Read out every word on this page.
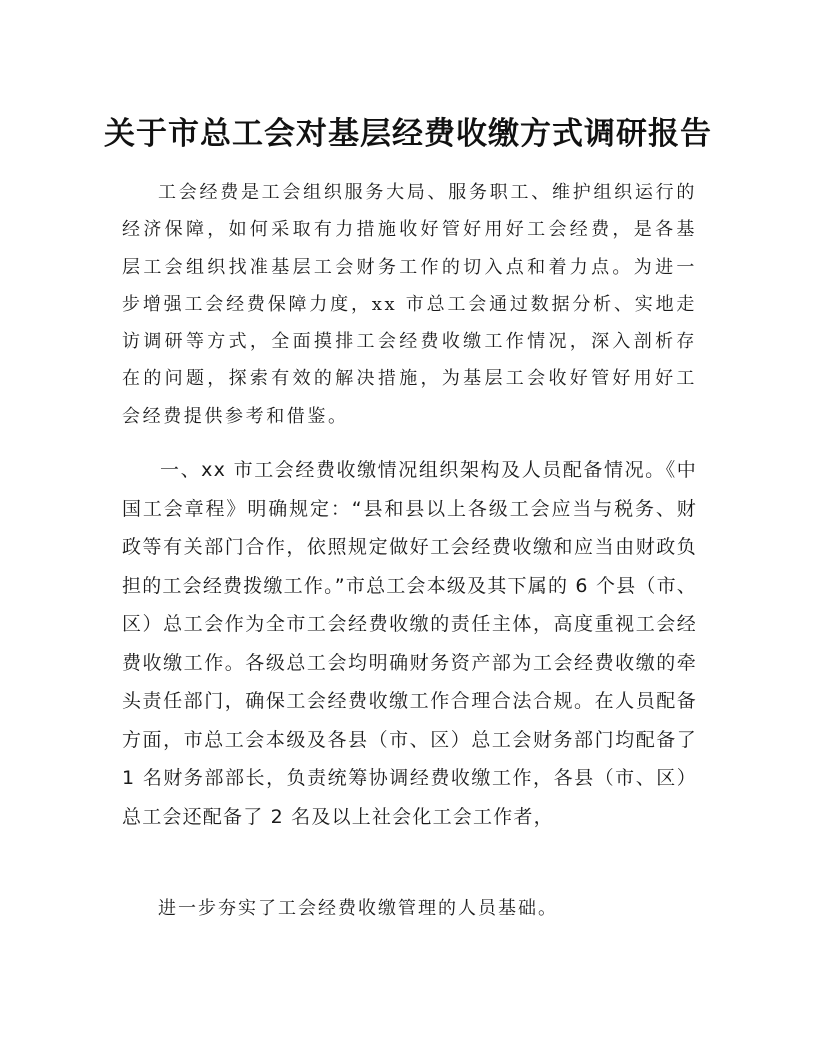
关于市总工会对基层经费收缴方式调研报告

工会经费是工会组织服务大局、服务职工、维护组织运行的经济保障，如何采取有力措施收好管好用好工会经费，是各基层工会组织找准基层工会财务工作的切入点和着力点。为进一步增强工会经费保障力度，xx 市总工会通过数据分析、实地走访调研等方式，全面摸排工会经费收缴工作情况，深入剖析存在的问题，探索有效的解决措施，为基层工会收好管好用好工会经费提供参考和借鉴。

一、xx 市工会经费收缴情况组织架构及人员配备情况。《中国工会章程》明确规定：“县和县以上各级工会应当与税务、财政等有关部门合作，依照规定做好工会经费收缴和应当由财政负担的工会经费拨缴工作。”市总工会本级及其下属的 6 个县（市、区）总工会作为全市工会经费收缴的责任主体，高度重视工会经费收缴工作。各级总工会均明确财务资产部为工会经费收缴的牵头责任部门，确保工会经费收缴工作合理合法合规。在人员配备方面，市总工会本级及各县（市、区）总工会财务部门均配备了 1 名财务部部长，负责统筹协调经费收缴工作，各县（市、区）总工会还配备了 2 名及以上社会化工会工作者，

进一步夯实了工会经费收缴管理的人员基础。
